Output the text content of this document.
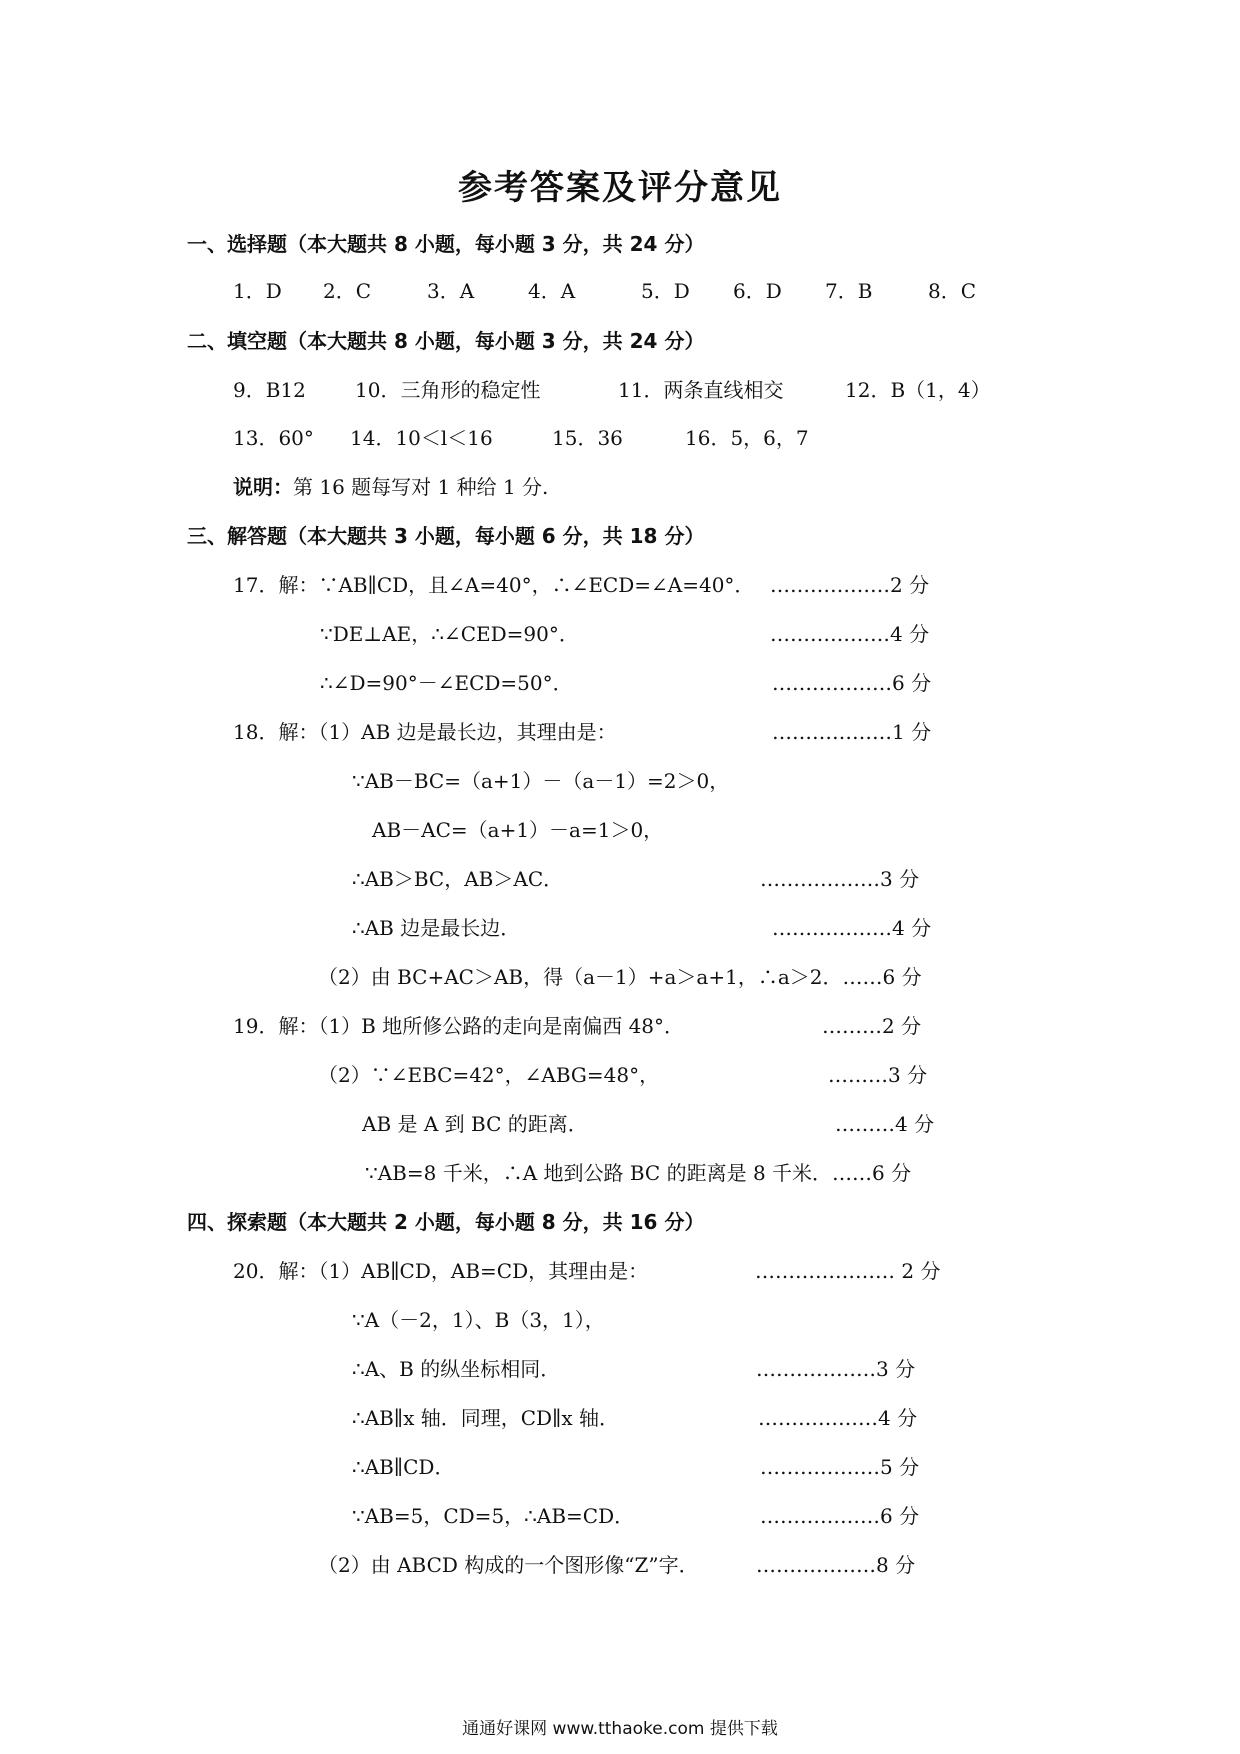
参考答案及评分意见
一、选择题（本大题共 8 小题，每小题 3 分，共 24 分）
1．D 2．C	3．A	4．A	5．D 6．D 7．B	8．C
二、填空题（本大题共 8 小题，每小题 3 分，共 24 分）
9．B12 10．三角形的稳定性	11．两条直线相交	12．B（1，4）
13．60° 14．10＜l＜16	15．36	16．5，6，7
说明：第 16 题每写对 1 种给 1 分.
三、解答题（本大题共 3 小题，每小题 6 分，共 18 分）
17．解：∵AB∥CD，且∠A=40°，∴∠ECD=∠A=40°． ………………2 分
∵DE⊥AE，∴∠CED=90°．	………………4 分
∴∠D=90°－∠ECD=50°．	………………6 分
18．解：（1）AB 边是最长边，其理由是：	………………1 分
∵AB－BC=（a+1）－（a－1）=2＞0，
AB－AC=（a+1）－a=1＞0，
∴AB＞BC，AB＞AC．	………………3 分
∴AB 边是最长边．	………………4 分
（2）由 BC+AC＞AB，得（a－1）+a＞a+1，∴a＞2．……6 分
19．解：（1）B 地所修公路的走向是南偏西 48°．	………2 分
（2）∵∠EBC=42°，∠ABG=48°，	………3 分
AB 是 A 到 BC 的距离．	………4 分
∵AB=8 千米，∴A 地到公路 BC 的距离是 8 千米．……6 分
四、探索题（本大题共 2 小题，每小题 8 分，共 16 分）
20．解：（1）AB∥CD，AB=CD，其理由是：	………………… 2 分
∵A（－2，1）、B（3，1），
∴A、B 的纵坐标相同．	………………3 分
∴AB∥x 轴．同理，CD∥x 轴．	………………4 分
∴AB∥CD．	………………5 分
∵AB=5，CD=5，∴AB=CD．	………………6 分
（2）由 ABCD 构成的一个图形像“Z”字．	………………8 分
通通好课网 www.tthaoke.com 提供下载
